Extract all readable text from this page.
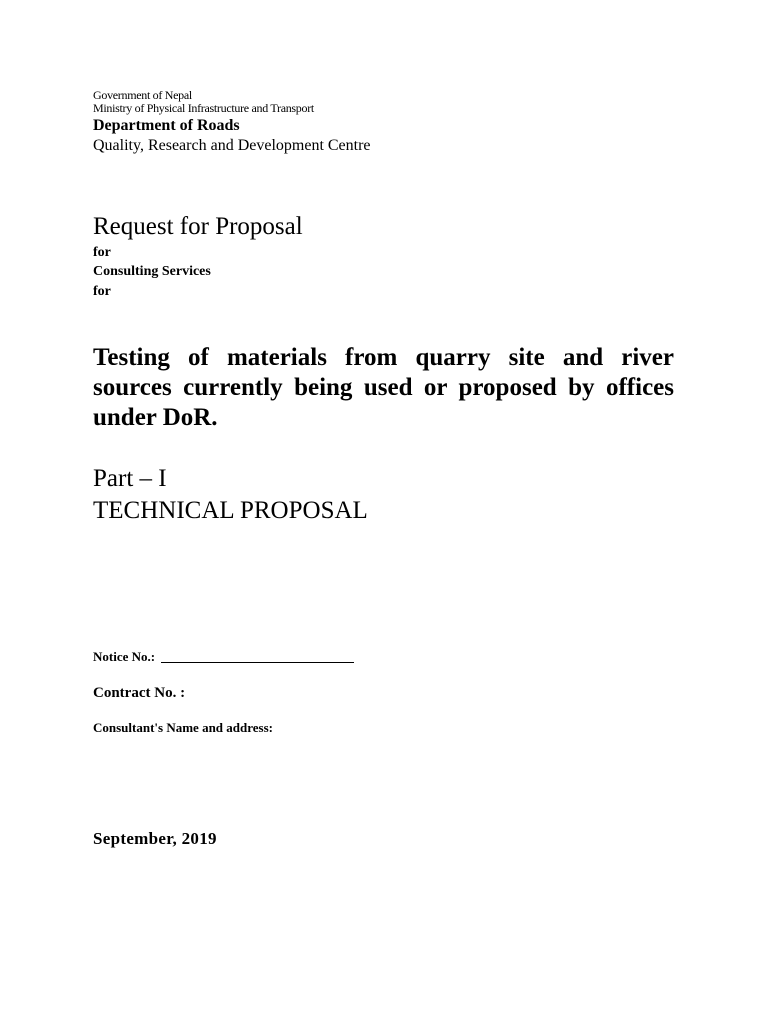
Government of Nepal
Ministry of Physical Infrastructure and Transport
Department of Roads
Quality, Research and Development Centre
Request for Proposal
for
Consulting Services
for
Testing of materials from quarry site and river sources currently being used or proposed by offices under DoR.
Part – I
TECHNICAL PROPOSAL
Notice No.:
Contract No. :
Consultant's Name and address:
September, 2019
